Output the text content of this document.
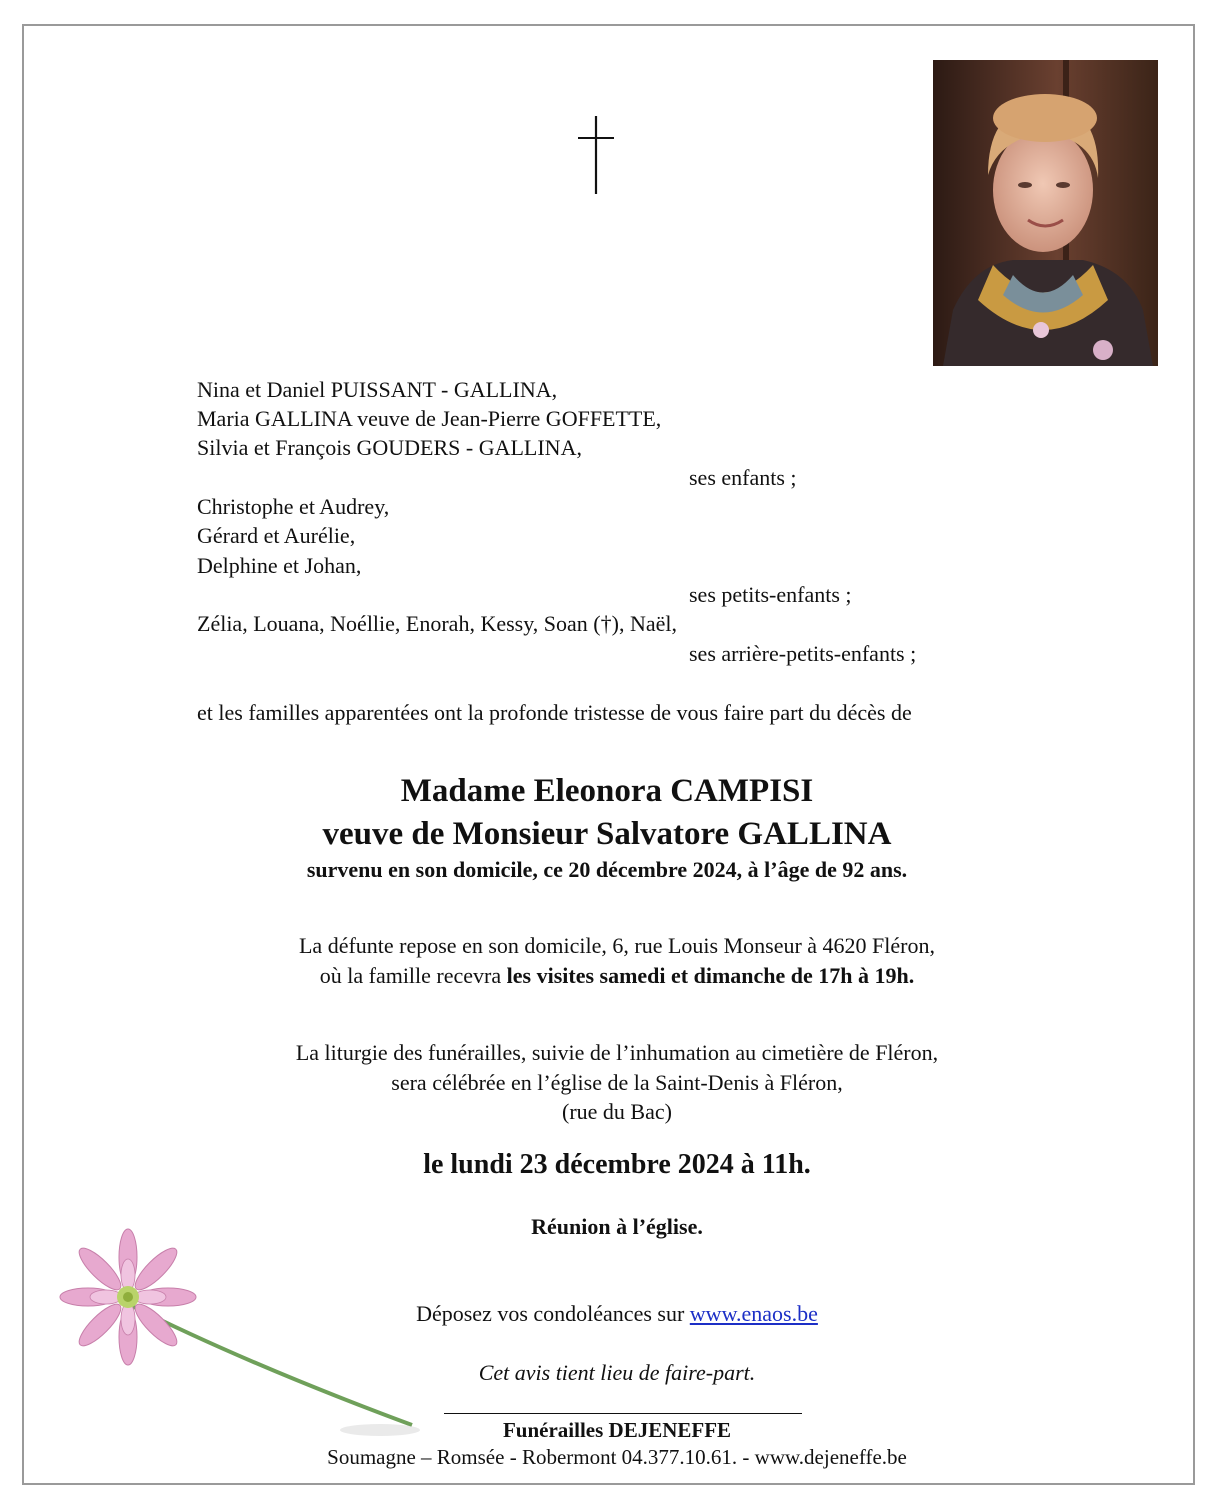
Nina et Daniel PUISSANT - GALLINA,
Maria GALLINA veuve de Jean-Pierre GOFFETTE,
Silvia et François GOUDERS - GALLINA,
ses enfants ;
Christophe et Audrey,
Gérard et Aurélie,
Delphine et Johan,
ses petits-enfants ;
Zélia, Louana, Noéllie, Enorah, Kessy, Soan (†), Naël,
ses arrière-petits-enfants ;
et les familles apparentées ont la profonde tristesse de vous faire part du décès de
Madame Eleonora CAMPISI
veuve de Monsieur Salvatore GALLINA
survenu en son domicile, ce 20 décembre 2024, à l’âge de 92 ans.
La défunte repose en son domicile, 6, rue Louis Monseur à 4620 Fléron,
où la famille recevra les visites samedi et dimanche de 17h à 19h.
La liturgie des funérailles, suivie de l’inhumation au cimetière de Fléron,
sera célébrée en l’église de la Saint-Denis à Fléron,
(rue du Bac)
le lundi 23 décembre 2024 à 11h.
Réunion à l’église.
Déposez vos condoléances sur www.enaos.be
Cet avis tient lieu de faire-part.
Funérailles DEJENEFFE
Soumagne – Romsée - Robermont 04.377.10.61. - www.dejeneffe.be
